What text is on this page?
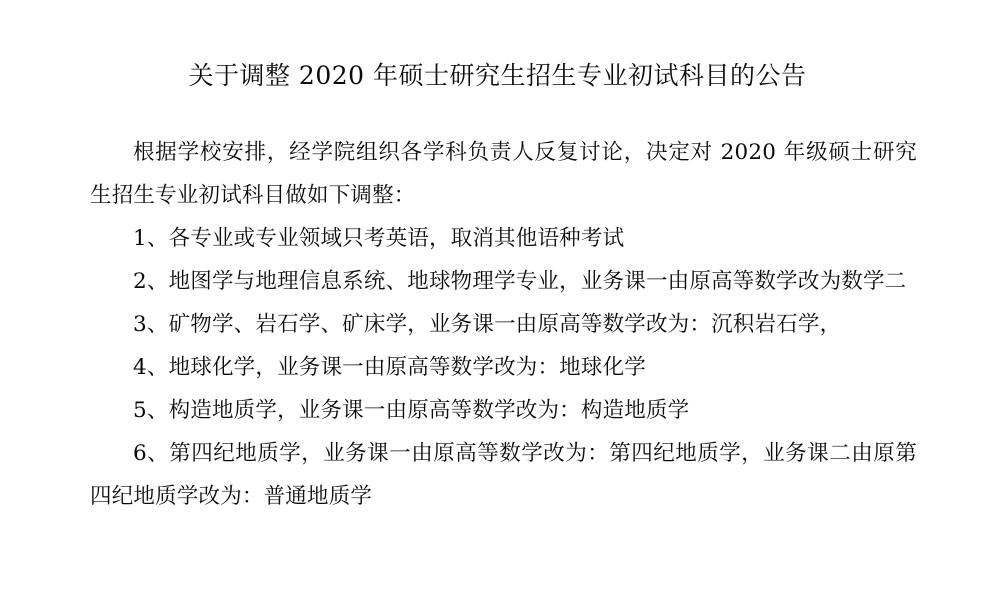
关于调整 2020 年硕士研究生招生专业初试科目的公告

根据学校安排，经学院组织各学科负责人反复讨论，决定对 2020 年级硕士研究生招生专业初试科目做如下调整：

1、各专业或专业领域只考英语，取消其他语种考试

2、地图学与地理信息系统、地球物理学专业，业务课一由原高等数学改为数学二

3、矿物学、岩石学、矿床学，业务课一由原高等数学改为：沉积岩石学，

4、地球化学，业务课一由原高等数学改为：地球化学

5、构造地质学，业务课一由原高等数学改为：构造地质学

6、第四纪地质学，业务课一由原高等数学改为：第四纪地质学，业务课二由原第四纪地质学改为：普通地质学
